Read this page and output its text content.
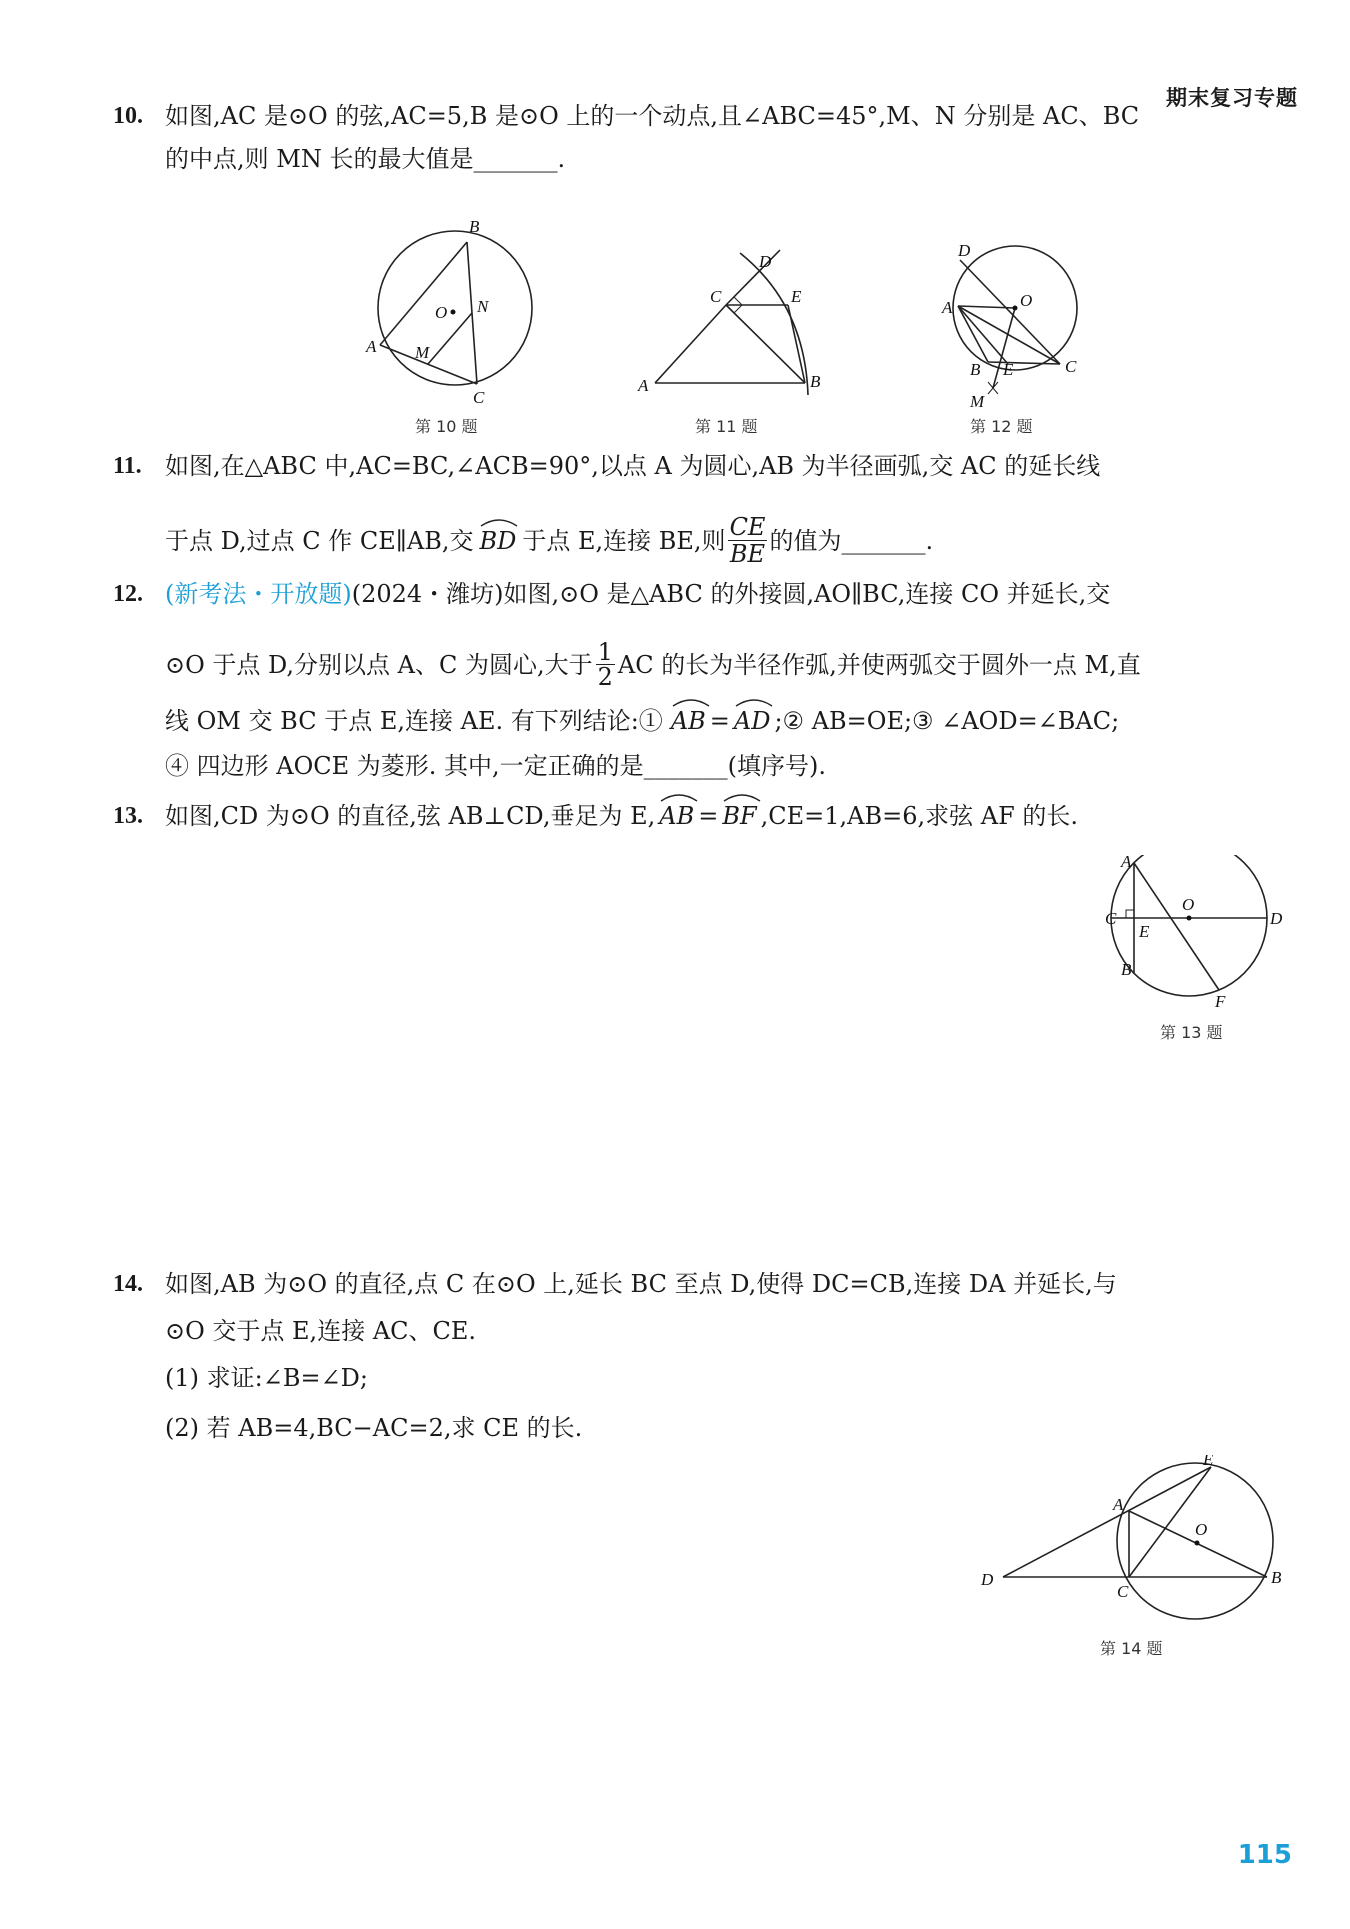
期末复习专题
10. 如图,AC 是⊙O 的弦,AC=5,B 是⊙O 上的一个动点,且∠ABC=45°,M、N 分别是 AC、BC
的中点,则 MN 长的最大值是_______.
B
A
C
M
N
O
第 10 题
D
C	E
A	B
第 11 题
D
A	O
B E	C
M
第 12 题
11. 如图,在△ABC 中,AC=BC,∠ACB=90°,以点 A 为圆心,AB 为半径画弧,交 AC 的延长线
于点 D,过点 C 作 CE∥AB,交 BD 于点 E,连接 BE,则 CE
BE 的值为_______.
12. (新考法・开放题)(2024・潍坊)如图,⊙O 是△ABC 的外接圆,AO∥BC,连接 CO 并延长,交
⊙O 于点 D,分别以点 A、C 为圆心,大于 1
2 AC 的长为半径作弧,并使两弧交于圆外一点 M,直
线 OM 交 BC 于点 E,连接 AE. 有下列结论:① AB = AD ;② AB=OE;③ ∠AOD=∠BAC;
④ 四边形 AOCE 为菱形. 其中,一定正确的是_______(填序号).
13. 如图,CD 为⊙O 的直径,弦 AB⊥CD,垂足为 E, AB = BF ,CE=1,AB=6,求弦 AF 的长.
A
C
E
O
D
B
F
第 13 题
14. 如图,AB 为⊙O 的直径,点 C 在⊙O 上,延长 BC 至点 D,使得 DC=CB,连接 DA 并延长,与
⊙O 交于点 E,连接 AC、CE.
(1) 求证:∠B=∠D;
(2) 若 AB=4,BC−AC=2,求 CE 的长.
E
A
O
D
C
B
第 14 题
115
